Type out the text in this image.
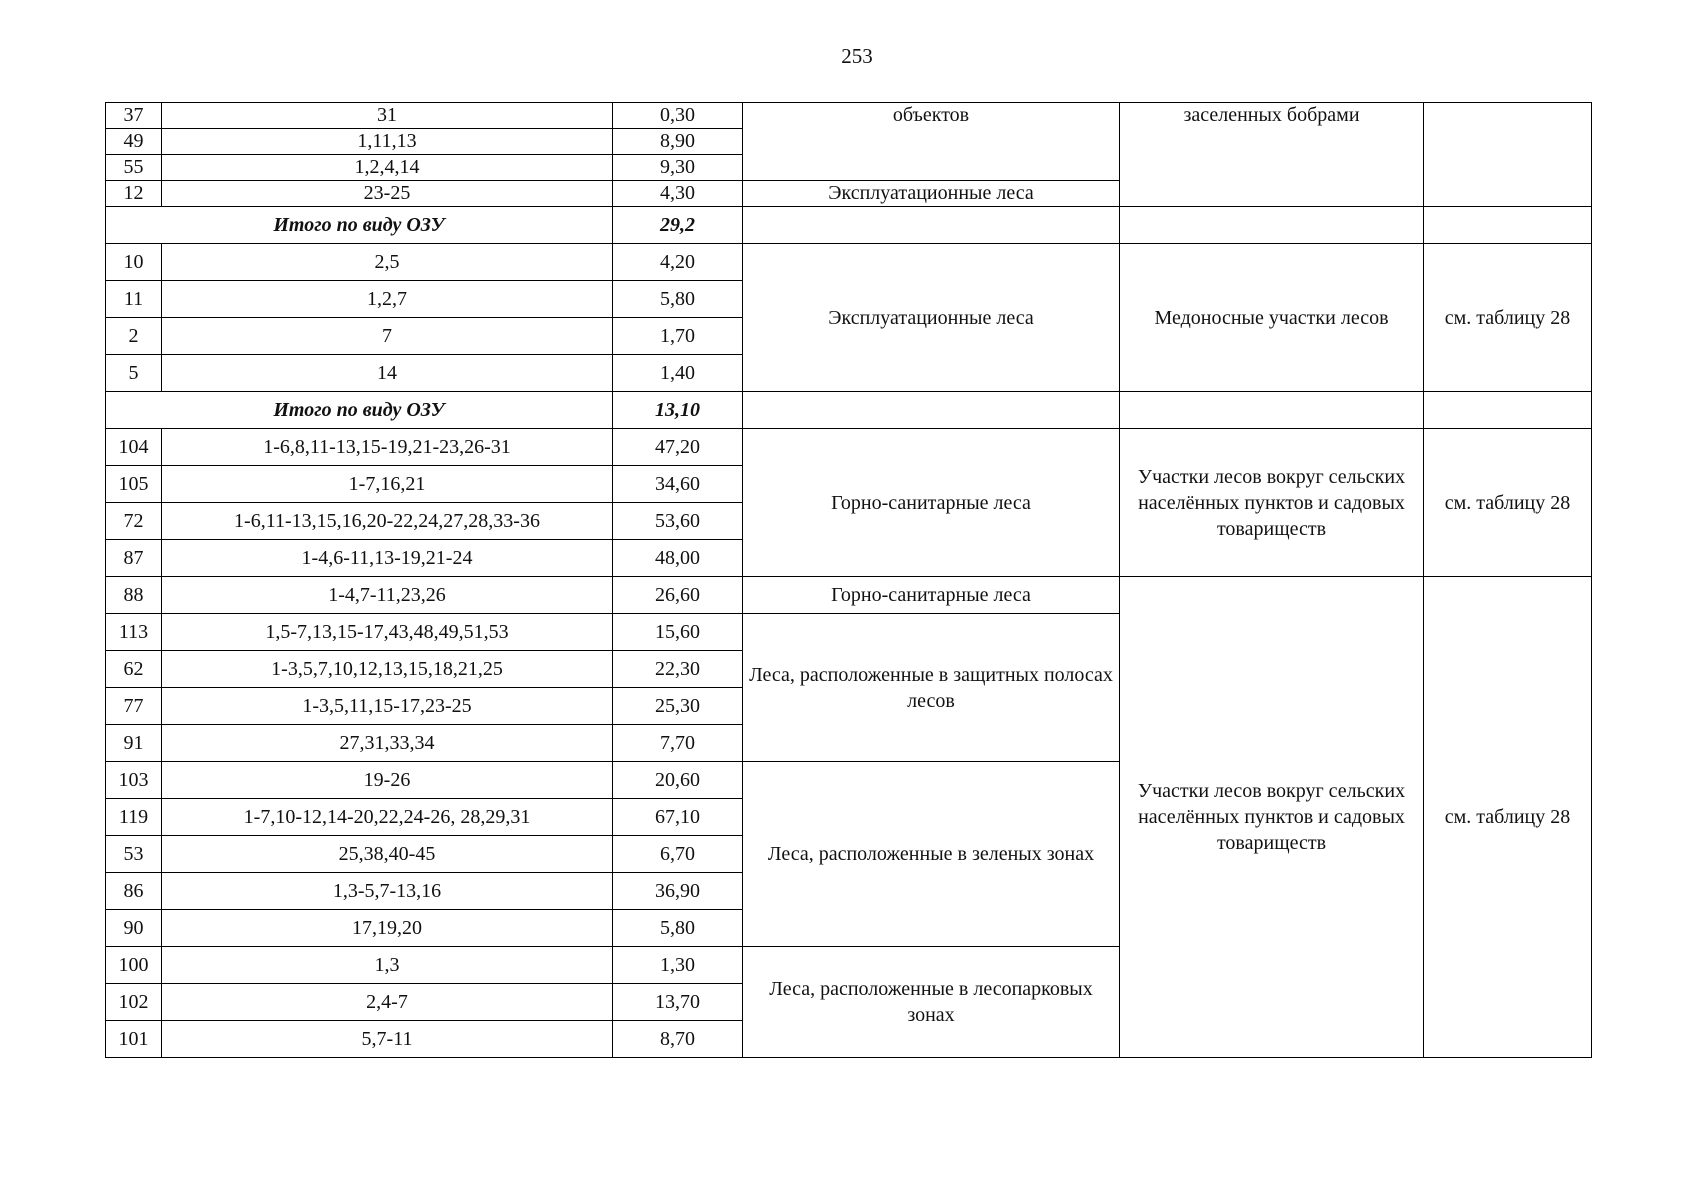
253
37	31	0,30	объектов	заселенных бобрами	
49	1,11,13	8,90			
55	1,2,4,14	9,30			
12	23-25	4,30	Эксплуатационные леса		
Итого по виду ОЗУ		29,2			
10	2,5	4,20	Эксплуатационные леса	Медоносные участки лесов	см. таблицу 28
11	1,2,7	5,80			
2	7	1,70			
5	14	1,40			
Итого по виду ОЗУ		13,10			
104	1-6,8,11-13,15-19,21-23,26-31	47,20	Горно-санитарные леса	Участки лесов вокруг сельских населённых пунктов и садовых товариществ	см. таблицу 28
105	1-7,16,21	34,60			
72	1-6,11-13,15,16,20-22,24,27,28,33-36	53,60			
87	1-4,6-11,13-19,21-24	48,00			
88	1-4,7-11,23,26	26,60	Горно-санитарные леса	Участки лесов вокруг сельских населённых пунктов и садовых товариществ	см. таблицу 28
113	1,5-7,13,15-17,43,48,49,51,53	15,60	Леса, расположенные в защитных полосах лесов		
62	1-3,5,7,10,12,13,15,18,21,25	22,30			
77	1-3,5,11,15-17,23-25	25,30			
91	27,31,33,34	7,70			
103	19-26	20,60	Леса, расположенные в зеленых зонах		
119	1-7,10-12,14-20,22,24-26, 28,29,31	67,10			
53	25,38,40-45	6,70			
86	1,3-5,7-13,16	36,90			
90	17,19,20	5,80			
100	1,3	1,30	Леса, расположенные в лесопарковых зонах		
102	2,4-7	13,70			
101	5,7-11	8,70			
